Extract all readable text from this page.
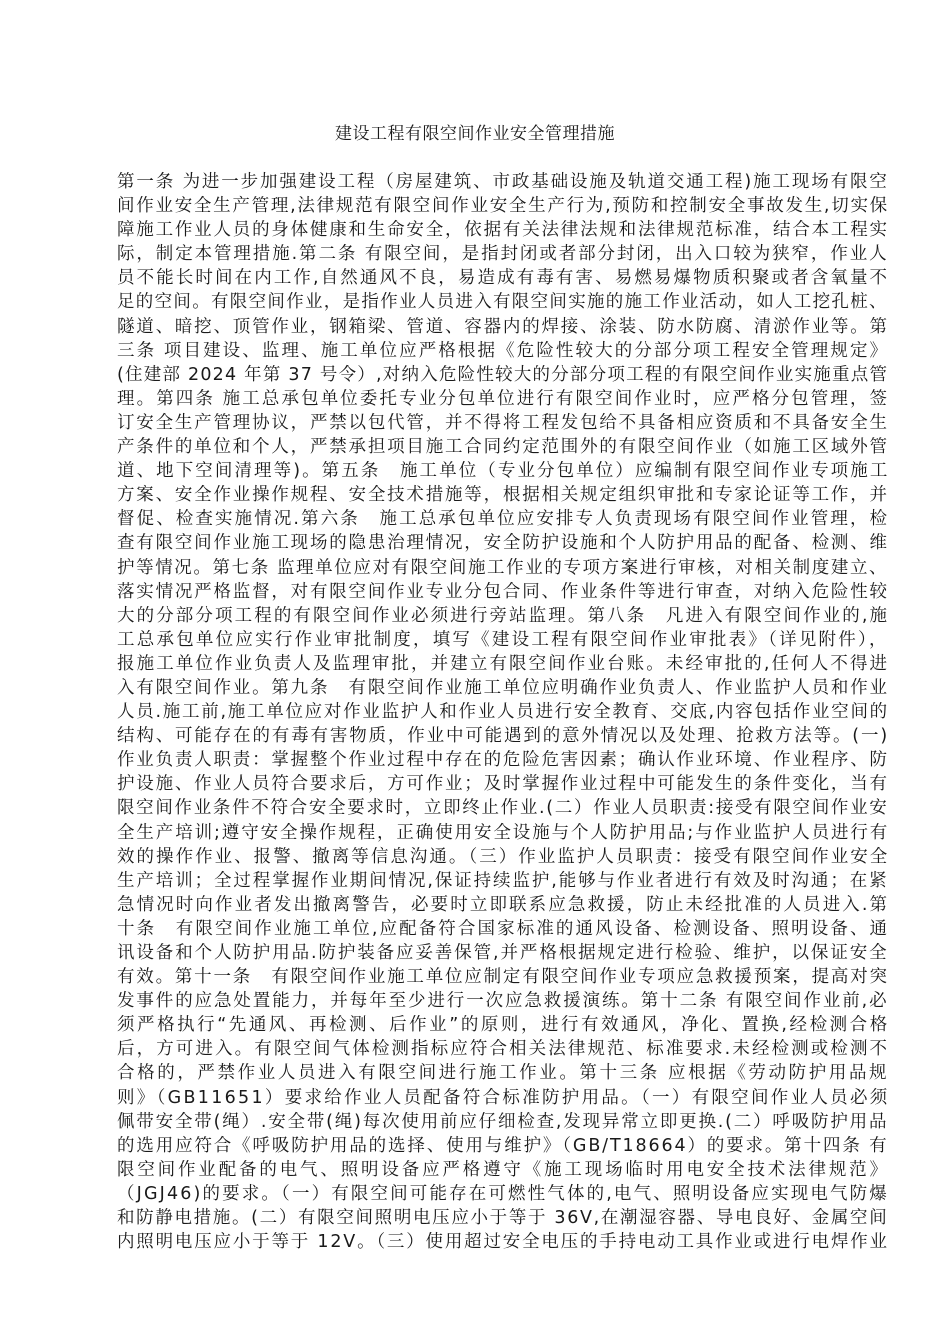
建设工程有限空间作业安全管理措施
第一条 为进一步加强建设工程（房屋建筑、市政基础设施及轨道交通工程)施工现场有限空
间作业安全生产管理,法律规范有限空间作业安全生产行为,预防和控制安全事故发生,切实保
障施工作业人员的身体健康和生命安全，依据有关法律法规和法律规范标准，结合本工程实
际，制定本管理措施.第二条 有限空间，是指封闭或者部分封闭，出入口较为狭窄，作业人
员不能长时间在内工作,自然通风不良，易造成有毒有害、易燃易爆物质积聚或者含氧量不
足的空间。有限空间作业，是指作业人员进入有限空间实施的施工作业活动，如人工挖孔桩、
隧道、暗挖、顶管作业，钢箱梁、管道、容器内的焊接、涂装、防水防腐、清淤作业等。第
三条 项目建设、监理、施工单位应严格根据《危险性较大的分部分项工程安全管理规定》
(住建部 2024 年第 37 号令）,对纳入危险性较大的分部分项工程的有限空间作业实施重点管
理。第四条 施工总承包单位委托专业分包单位进行有限空间作业时，应严格分包管理，签
订安全生产管理协议，严禁以包代管，并不得将工程发包给不具备相应资质和不具备安全生
产条件的单位和个人，严禁承担项目施工合同约定范围外的有限空间作业（如施工区域外管
道、地下空间清理等)。第五条　施工单位（专业分包单位）应编制有限空间作业专项施工
方案、安全作业操作规程、安全技术措施等，根据相关规定组织审批和专家论证等工作，并
督促、检查实施情况.第六条　施工总承包单位应安排专人负责现场有限空间作业管理，检
查有限空间作业施工现场的隐患治理情况，安全防护设施和个人防护用品的配备、检测、维
护等情况。第七条 监理单位应对有限空间施工作业的专项方案进行审核，对相关制度建立、
落实情况严格监督，对有限空间作业专业分包合同、作业条件等进行审查，对纳入危险性较
大的分部分项工程的有限空间作业必须进行旁站监理。第八条　凡进入有限空间作业的,施
工总承包单位应实行作业审批制度，填写《建设工程有限空间作业审批表》（详见附件），
报施工单位作业负责人及监理审批，并建立有限空间作业台账。未经审批的,任何人不得进
入有限空间作业。第九条　有限空间作业施工单位应明确作业负责人、作业监护人员和作业
人员.施工前,施工单位应对作业监护人和作业人员进行安全教育、交底,内容包括作业空间的
结构、可能存在的有毒有害物质，作业中可能遇到的意外情况以及处理、抢救方法等。(一)
作业负责人职责：掌握整个作业过程中存在的危险危害因素；确认作业环境、作业程序、防
护设施、作业人员符合要求后，方可作业；及时掌握作业过程中可能发生的条件变化，当有
限空间作业条件不符合安全要求时，立即终止作业.(二）作业人员职责:接受有限空间作业安
全生产培训;遵守安全操作规程，正确使用安全设施与个人防护用品;与作业监护人员进行有
效的操作作业、报警、撤离等信息沟通。（三）作业监护人员职责：接受有限空间作业安全
生产培训；全过程掌握作业期间情况,保证持续监护,能够与作业者进行有效及时沟通；在紧
急情况时向作业者发出撤离警告，必要时立即联系应急救援，防止未经批准的人员进入.第
十条　有限空间作业施工单位,应配备符合国家标准的通风设备、检测设备、照明设备、通
讯设备和个人防护用品.防护装备应妥善保管,并严格根据规定进行检验、维护，以保证安全
有效。第十一条　有限空间作业施工单位应制定有限空间作业专项应急救援预案，提高对突
发事件的应急处置能力，并每年至少进行一次应急救援演练。第十二条 有限空间作业前,必
须严格执行“先通风、再检测、后作业”的原则，进行有效通风，净化、置换,经检测合格
后，方可进入。有限空间气体检测指标应符合相关法律规范、标准要求.未经检测或检测不
合格的，严禁作业人员进入有限空间进行施工作业。第十三条 应根据《劳动防护用品规
则》（GB11651）要求给作业人员配备符合标准防护用品。（一）有限空间作业人员必须
佩带安全带(绳）.安全带(绳)每次使用前应仔细检查,发现异常立即更换.(二）呼吸防护用品
的选用应符合《呼吸防护用品的选择、使用与维护》（GB/T18664）的要求。第十四条 有
限空间作业配备的电气、照明设备应严格遵守《施工现场临时用电安全技术法律规范》
（JGJ46)的要求。（一）有限空间可能存在可燃性气体的,电气、照明设备应实现电气防爆
和防静电措施。(二）有限空间照明电压应小于等于 36V,在潮湿容器、导电良好、金属空间
内照明电压应小于等于 12V。（三）使用超过安全电压的手持电动工具作业或进行电焊作业
